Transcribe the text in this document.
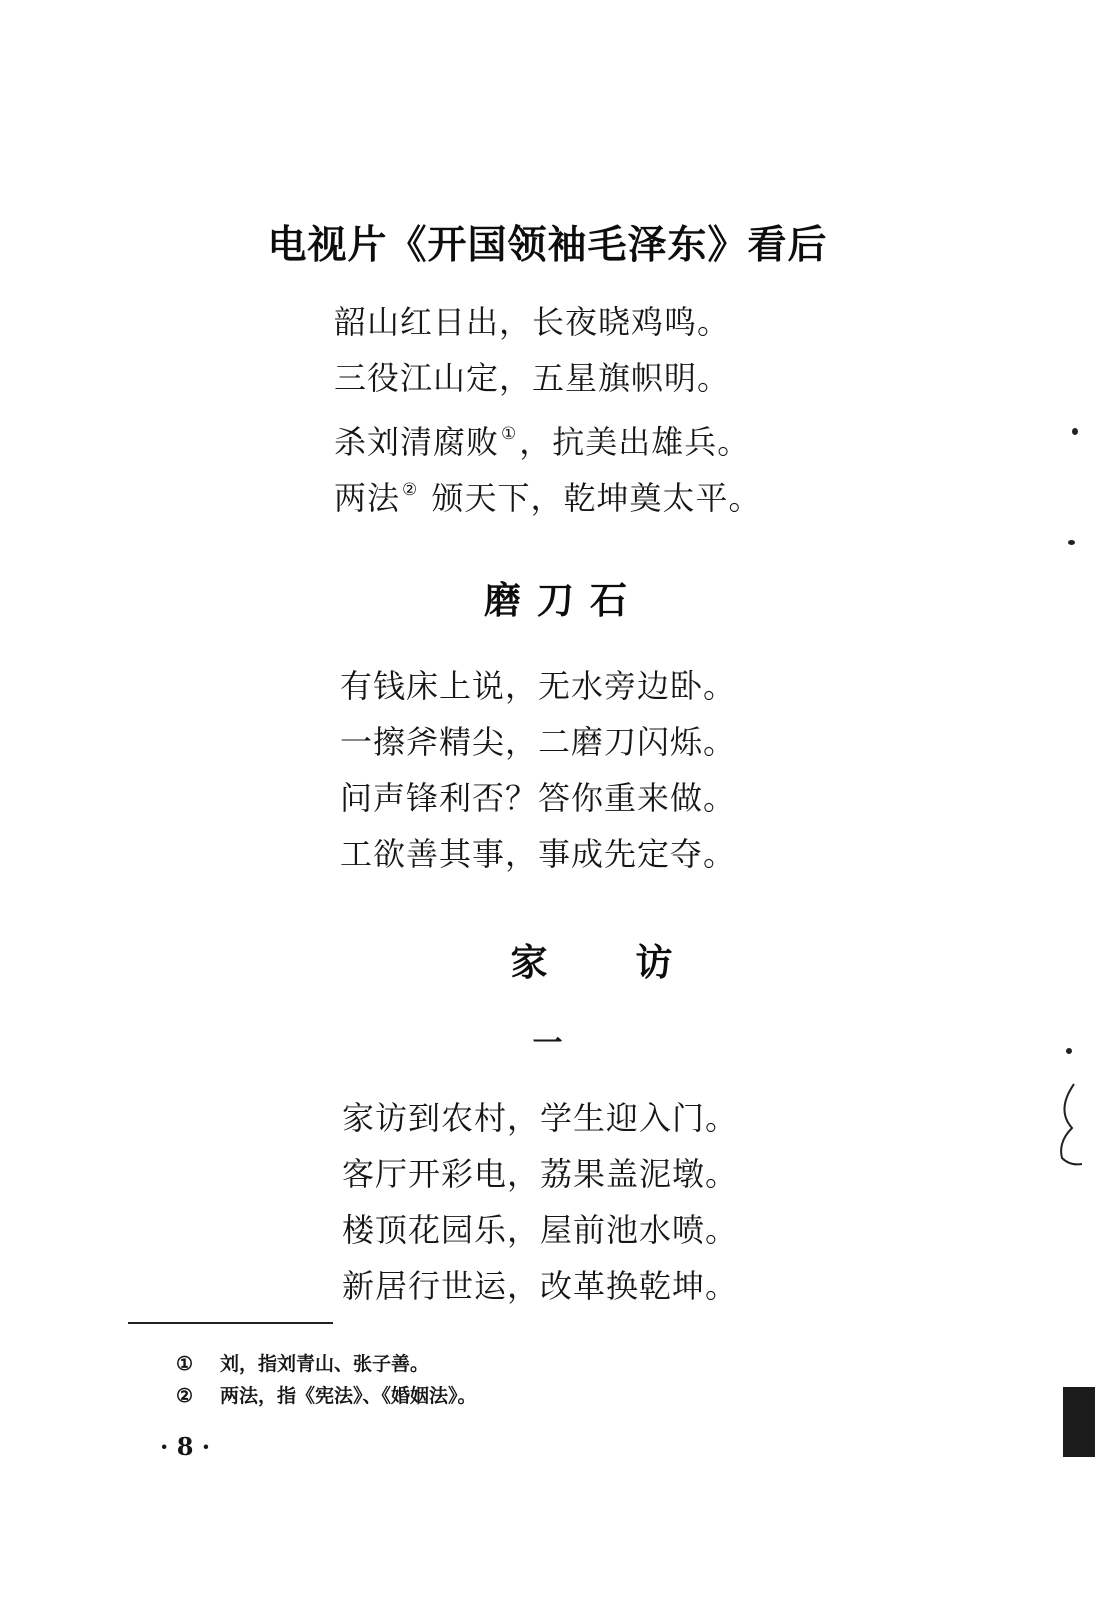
电视片《开国领袖毛泽东》看后
韶山红日出，长夜晓鸡鸣。
三役江山定，五星旗帜明。
杀刘清腐败 ①，抗美出雄兵。
两法 ② 颁天下，乾坤奠太平。
磨刀石
有钱床上说，无水旁边卧。
一擦斧精尖，二磨刀闪烁。
问声锋利否？答你重来做。
工欲善其事，事成先定夺。
家访
一
家访到农村，学生迎入门。
客厅开彩电，荔果盖泥墩。
楼顶花园乐，屋前池水喷。
新居行世运，改革换乾坤。
① 刘，指刘青山、张子善。
② 两法，指《宪法》、《婚姻法》。
· 8 ·
